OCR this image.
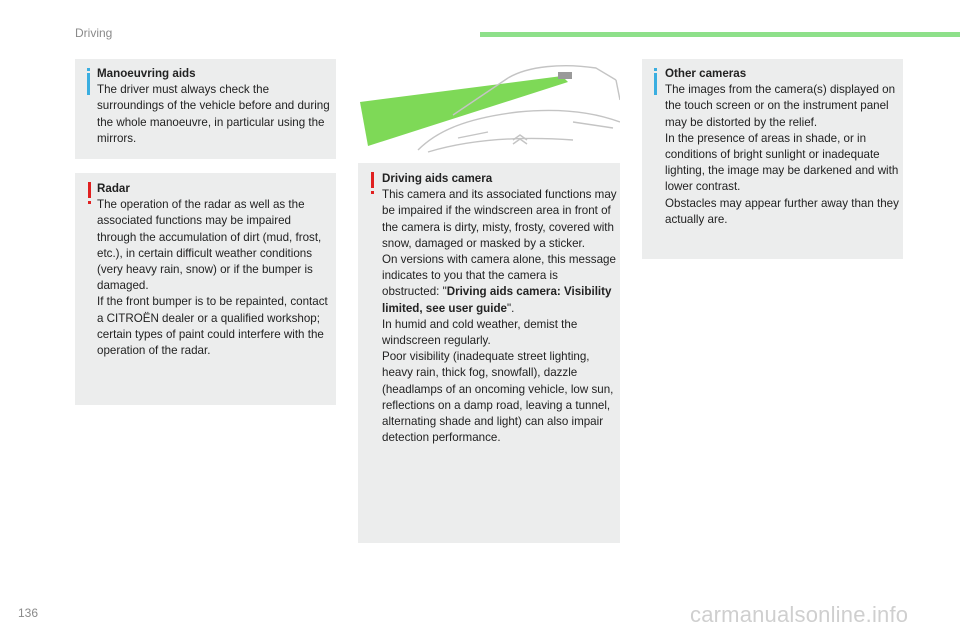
Driving
Manoeuvring aids

The driver must always check the surroundings of the vehicle before and during the whole manoeuvre, in particular using the mirrors.

Radar

The operation of the radar as well as the associated functions may be impaired through the accumulation of dirt (mud, frost, etc.), in certain difficult weather conditions (very heavy rain, snow) or if the bumper is damaged.

If the front bumper is to be repainted, contact a CITROËN dealer or a qualified workshop; certain types of paint could interfere with the operation of the radar.

Driving aids camera

This camera and its associated functions may be impaired if the windscreen area in front of the camera is dirty, misty, frosty, covered with snow, damaged or masked by a sticker.

On versions with camera alone, this message indicates to you that the camera is obstructed: "Driving aids camera: Visibility limited, see user guide".

In humid and cold weather, demist the windscreen regularly.

Poor visibility (inadequate street lighting, heavy rain, thick fog, snowfall), dazzle (headlamps of an oncoming vehicle, low sun, reflections on a damp road, leaving a tunnel, alternating shade and light) can also impair detection performance.

Other cameras

The images from the camera(s) displayed on the touch screen or on the instrument panel may be distorted by the relief.

In the presence of areas in shade, or in conditions of bright sunlight or inadequate lighting, the image may be darkened and with lower contrast.

Obstacles may appear further away than they actually are.

136	carmanualsonline.info
